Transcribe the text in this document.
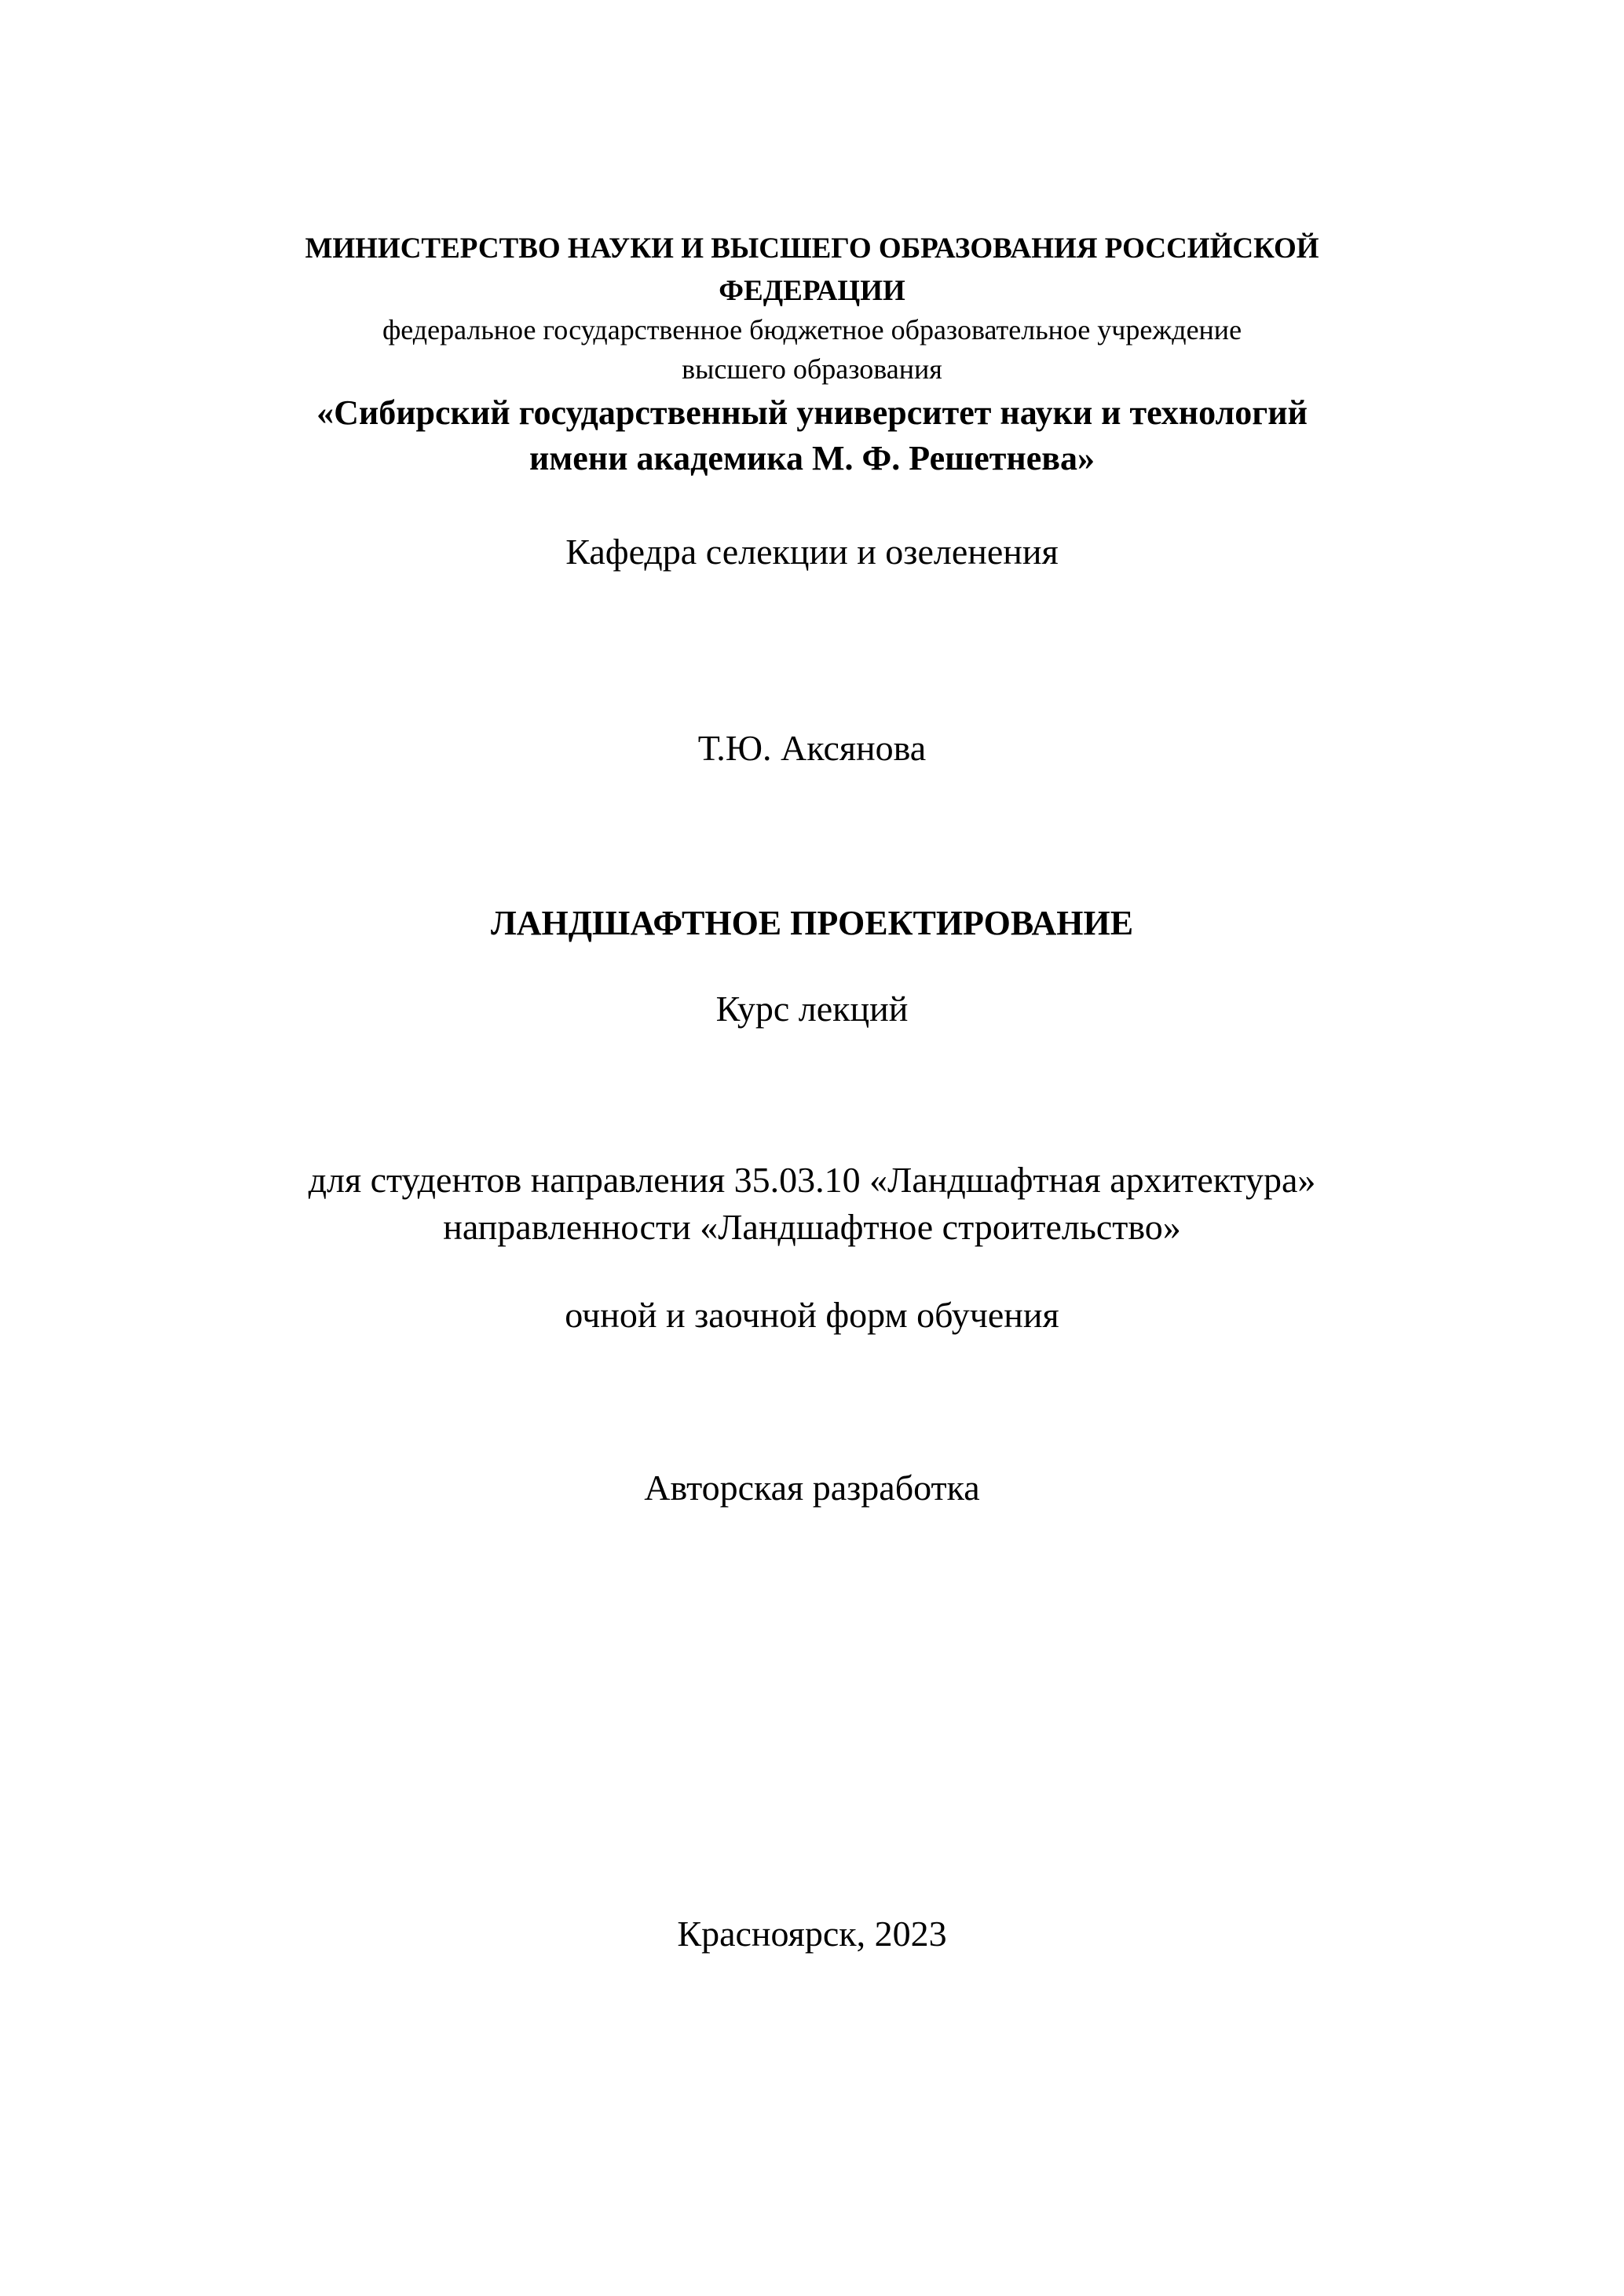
МИНИСТЕРСТВО НАУКИ И ВЫСШЕГО ОБРАЗОВАНИЯ РОССИЙСКОЙ
ФЕДЕРАЦИИ
федеральное государственное бюджетное образовательное учреждение
высшего образования
«Сибирский государственный университет науки и технологий
имени академика М. Ф. Решетнева»
Кафедра селекции и озеленения
Т.Ю. Аксянова
ЛАНДШАФТНОЕ ПРОЕКТИРОВАНИЕ
Курс лекций
для студентов направления 35.03.10 «Ландшафтная архитектура»
направленности «Ландшафтное строительство»
очной и заочной форм обучения
Авторская разработка
Красноярск, 2023
